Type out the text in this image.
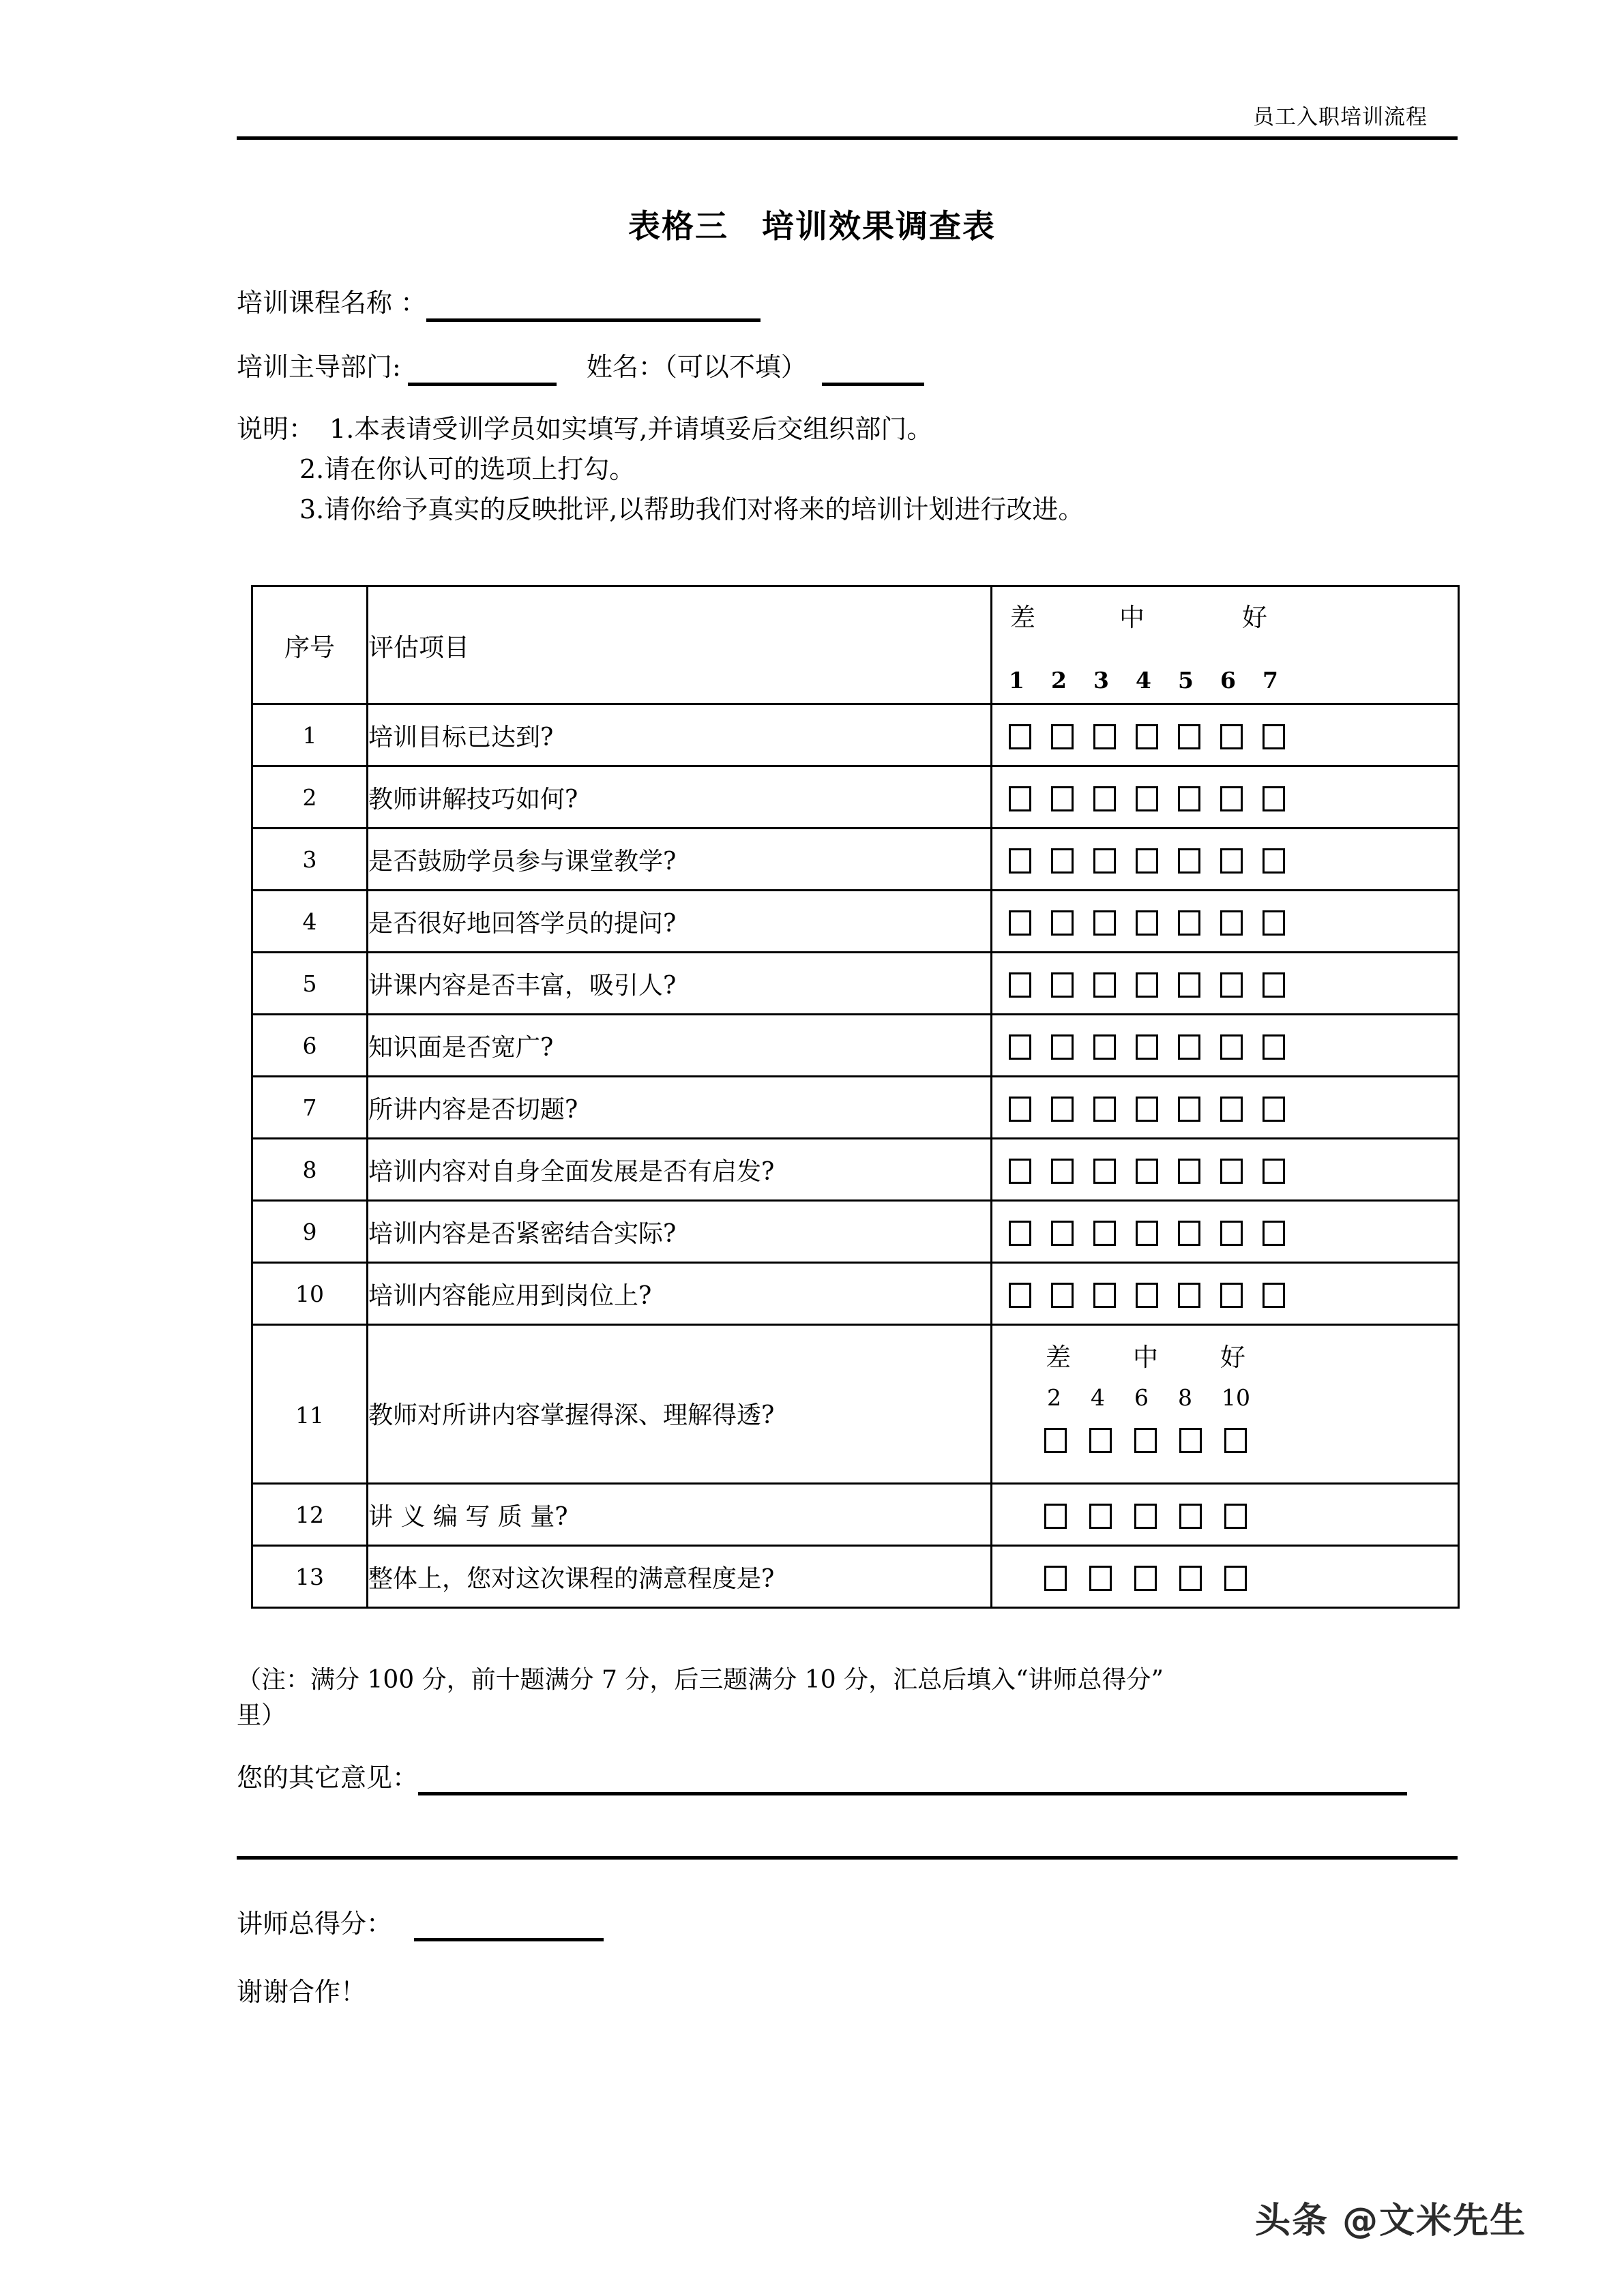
员工入职培训流程
表格三　培训效果调查表
培训课程名称 ：
培训主导部门:	姓名：（可以不填）
说明： 1.本表请受训学员如实填写,并请填妥后交组织部门。
2.请在你认可的选项上打勾。
3.请你给予真实的反映批评,以帮助我们对将来的培训计划进行改进。
序号	评估项目	
差	中	好
1	2	3	4	5	6	7

1	培训目标已达到?	

2	教师讲解技巧如何?	

3	是否鼓励学员参与课堂教学?	

4	是否很好地回答学员的提问?	

5	讲课内容是否丰富，吸引人?	

6	知识面是否宽广?	

7	所讲内容是否切题?	

8	培训内容对自身全面发展是否有启发?	

9	培训内容是否紧密结合实际?	

10	培训内容能应用到岗位上?	

11	教师对所讲内容掌握得深、理解得透?	
差	中	好
2	4	6	8	10

12	讲 义 编 写 质 量?	

13	整体上，您对这次课程的满意程度是?	
（注：满分 100 分，前十题满分 7 分，后三题满分 10 分，汇总后填入“讲师总得分”
里）
您的其它意见：
讲师总得分：
谢谢合作！
头条 @文米先生
